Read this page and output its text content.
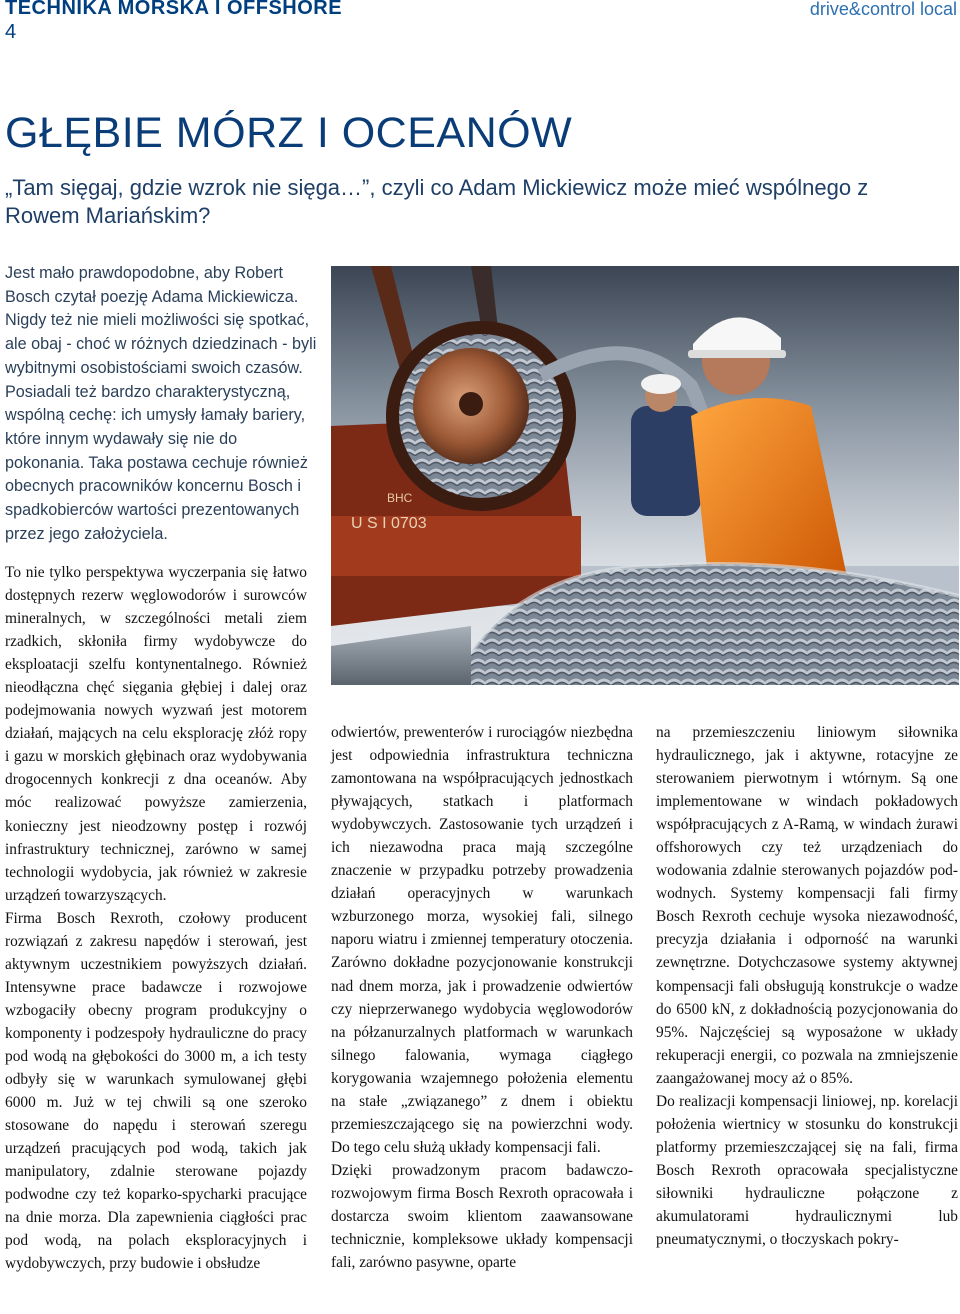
TECHNIKA MORSKA I OFFSHORE
4
drive&control local
GŁĘBIE MÓRZ I OCEANÓW

„Tam sięgaj, gdzie wzrok nie sięga…”, czyli co Adam Mickiewicz może mieć wspólnego z Rowem Mariańskim?

Jest mało prawdopodobne, aby Robert Bosch czytał poezję Adama Mickiewicza. Nigdy też nie mieli możliwości się spotkać, ale obaj - choć w różnych dziedzinach - byli wybitnymi osobistościami swoich czasów. Posiadali też bardzo charakterystyczną, wspólną cechę: ich umysły łamały bariery, które innym wydawały się nie do pokonania. Taka postawa cechuje również obecnych pracowników koncernu Bosch i spadkobierców wartości prezentowanych przez jego założyciela.

BHC
U S I 0703

To nie tylko perspektywa wyczerpania się łatwo dostępnych rezerw węglowodorów i surowców mineralnych, w szczególności metali ziem rzadkich, skłoniła firmy wydobywcze do eksploatacji szelfu kontynentalnego. Również nieodłączna chęć sięgania głębiej i dalej oraz podejmowania nowych wyzwań jest motorem działań, mających na celu eksplorację złóż ropy i gazu w morskich głębinach oraz wydobywania drogocennych konkrecji z dna oceanów. Aby móc realizować powyższe zamierzenia, konieczny jest nieodzowny postęp i rozwój infrastruktury technicznej, zarówno w samej technologii wydobycia, jak również w zakresie urządzeń towarzyszących.

Firma Bosch Rexroth, czołowy producent rozwiązań z zakresu napędów i sterowań, jest aktywnym uczestnikiem powyższych działań. Intensywne prace badawcze i rozwojowe wzbogaciły obecny program produkcyjny o komponenty i podzespoły hydrauliczne do pracy pod wodą na głębokości do 3000 m, a ich testy odbyły się w warunkach symulowanej głębi 6000 m. Już w tej chwili są one szeroko stosowane do napędu i sterowań szeregu urządzeń pracujących pod wodą, takich jak manipulatory, zdalnie sterowane pojazdy podwodne czy też koparko-spycharki pracujące na dnie morza. Dla zapewnienia ciągłości prac pod wodą, na polach eksploracyjnych i wydobywczych, przy budowie i obsłudze

odwiertów, prewenterów i rurociągów niezbędna jest odpowiednia infrastruktura techniczna zamontowana na współpracujących jednostkach pływających, statkach i platformach wydobywczych. Zastosowanie tych urządzeń i ich niezawodna praca mają szczególne znaczenie w przypadku potrzeby prowadzenia działań operacyjnych w warunkach wzburzonego morza, wysokiej fali, silnego naporu wiatru i zmiennej temperatury otoczenia. Zarówno dokładne pozycjonowanie konstrukcji nad dnem morza, jak i prowadzenie odwiertów czy nieprzerwanego wydobycia węglowodorów na półzanurzalnych platformach w warunkach silnego falowania, wymaga ciągłego korygowania wzajemnego położenia elementu na stałe „związanego” z dnem i obiektu przemieszczającego się na powierzchni wody. Do tego celu służą układy kompensacji fali.

Dzięki prowadzonym pracom badawczo-rozwojowym firma Bosch Rexroth opracowała i dostarcza swoim klientom zaawansowane technicznie, kompleksowe układy kompensacji fali, zarówno pasywne, oparte

na przemieszczeniu liniowym siłownika hydraulicznego, jak i aktywne, rotacyjne ze sterowaniem pierwotnym i wtórnym. Są one implementowane w windach pokładowych współpracujących z A-Ramą, w windach żurawi offshorowych czy też urządzeniach do wodowania zdalnie sterowanych pojazdów podwodnych. Systemy kompensacji fali firmy Bosch Rexroth cechuje wysoka niezawodność, precyzja działania i odporność na warunki zewnętrzne. Dotychczasowe systemy aktywnej kompensacji fali obsługują konstrukcje o wadze do 6500 kN, z dokładnością pozycjonowania do 95%. Najczęściej są wyposażone w układy rekuperacji energii, co pozwala na zmniejszenie zaangażowanej mocy aż o 85%.

Do realizacji kompensacji liniowej, np. korelacji położenia wiertnicy w stosunku do konstrukcji platformy przemieszczającej się na fali, firma Bosch Rexroth opracowała specjalistyczne siłowniki hydrauliczne połączone z akumulatorami hydraulicznymi lub pneumatycznymi, o tłoczyskach pokry-
